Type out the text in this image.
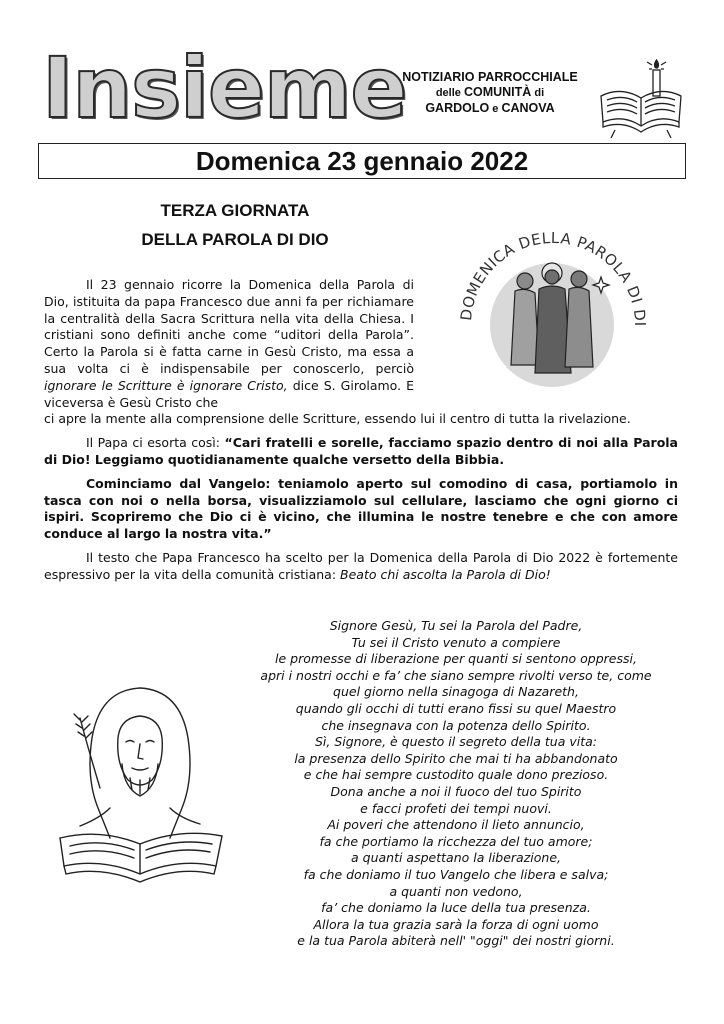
Insieme
NOTIZIARIO PARROCCHIALE
delle COMUNITÀ di
GARDOLO e CANOVA
Domenica 23 gennaio 2022
TERZA GIORNATA
DELLA PAROLA DI DIO
DOMENICA DELLA PAROLA DI DI

Il 23 gennaio ricorre la Domenica della Parola di Dio, istituita da papa Francesco due anni fa per richiamare la centralità della Sacra Scrittura nella vita della Chiesa. I cristiani sono definiti anche come “uditori della Parola”. Certo la Parola si è fatta carne in Gesù Cristo, ma essa a sua volta ci è indispensabile per conoscerlo, perciò ignorare le Scritture è ignorare Cristo, dice S. Girolamo. E viceversa è Gesù Cristo che

ci apre la mente alla comprensione delle Scritture, essendo lui il centro di tutta la rivelazione.

Il Papa ci esorta così: “Cari fratelli e sorelle, facciamo spazio dentro di noi alla Parola di Dio! Leggiamo quotidianamente qualche versetto della Bibbia.

Cominciamo dal Vangelo: teniamolo aperto sul comodino di casa, portiamolo in tasca con noi o nella borsa, visualizziamolo sul cellulare, lasciamo che ogni giorno ci ispiri. Scopriremo che Dio ci è vicino, che illumina le nostre tenebre e che con amore conduce al largo la nostra vita.”

Il testo che Papa Francesco ha scelto per la Domenica della Parola di Dio 2022 è fortemente espressivo per la vita della comunità cristiana: Beato chi ascolta la Parola di Dio!

Signore Gesù, Tu sei la Parola del Padre,
Tu sei il Cristo venuto a compiere
le promesse di liberazione per quanti si sentono oppressi,
apri i nostri occhi e fa’ che siano sempre rivolti verso te, come
quel giorno nella sinagoga di Nazareth,
quando gli occhi di tutti erano fissi su quel Maestro
che insegnava con la potenza dello Spirito.
Sì, Signore, è questo il segreto della tua vita:
la presenza dello Spirito che mai ti ha abbandonato
e che hai sempre custodito quale dono prezioso.
Dona anche a noi il fuoco del tuo Spirito
e facci profeti dei tempi nuovi.
Ai poveri che attendono il lieto annuncio,
fa che portiamo la ricchezza del tuo amore;
a quanti aspettano la liberazione,
fa che doniamo il tuo Vangelo che libera e salva;
a quanti non vedono,
fa’ che doniamo la luce della tua presenza.
Allora la tua grazia sarà la forza di ogni uomo
e la tua Parola abiterà nell' "oggi" dei nostri giorni.
